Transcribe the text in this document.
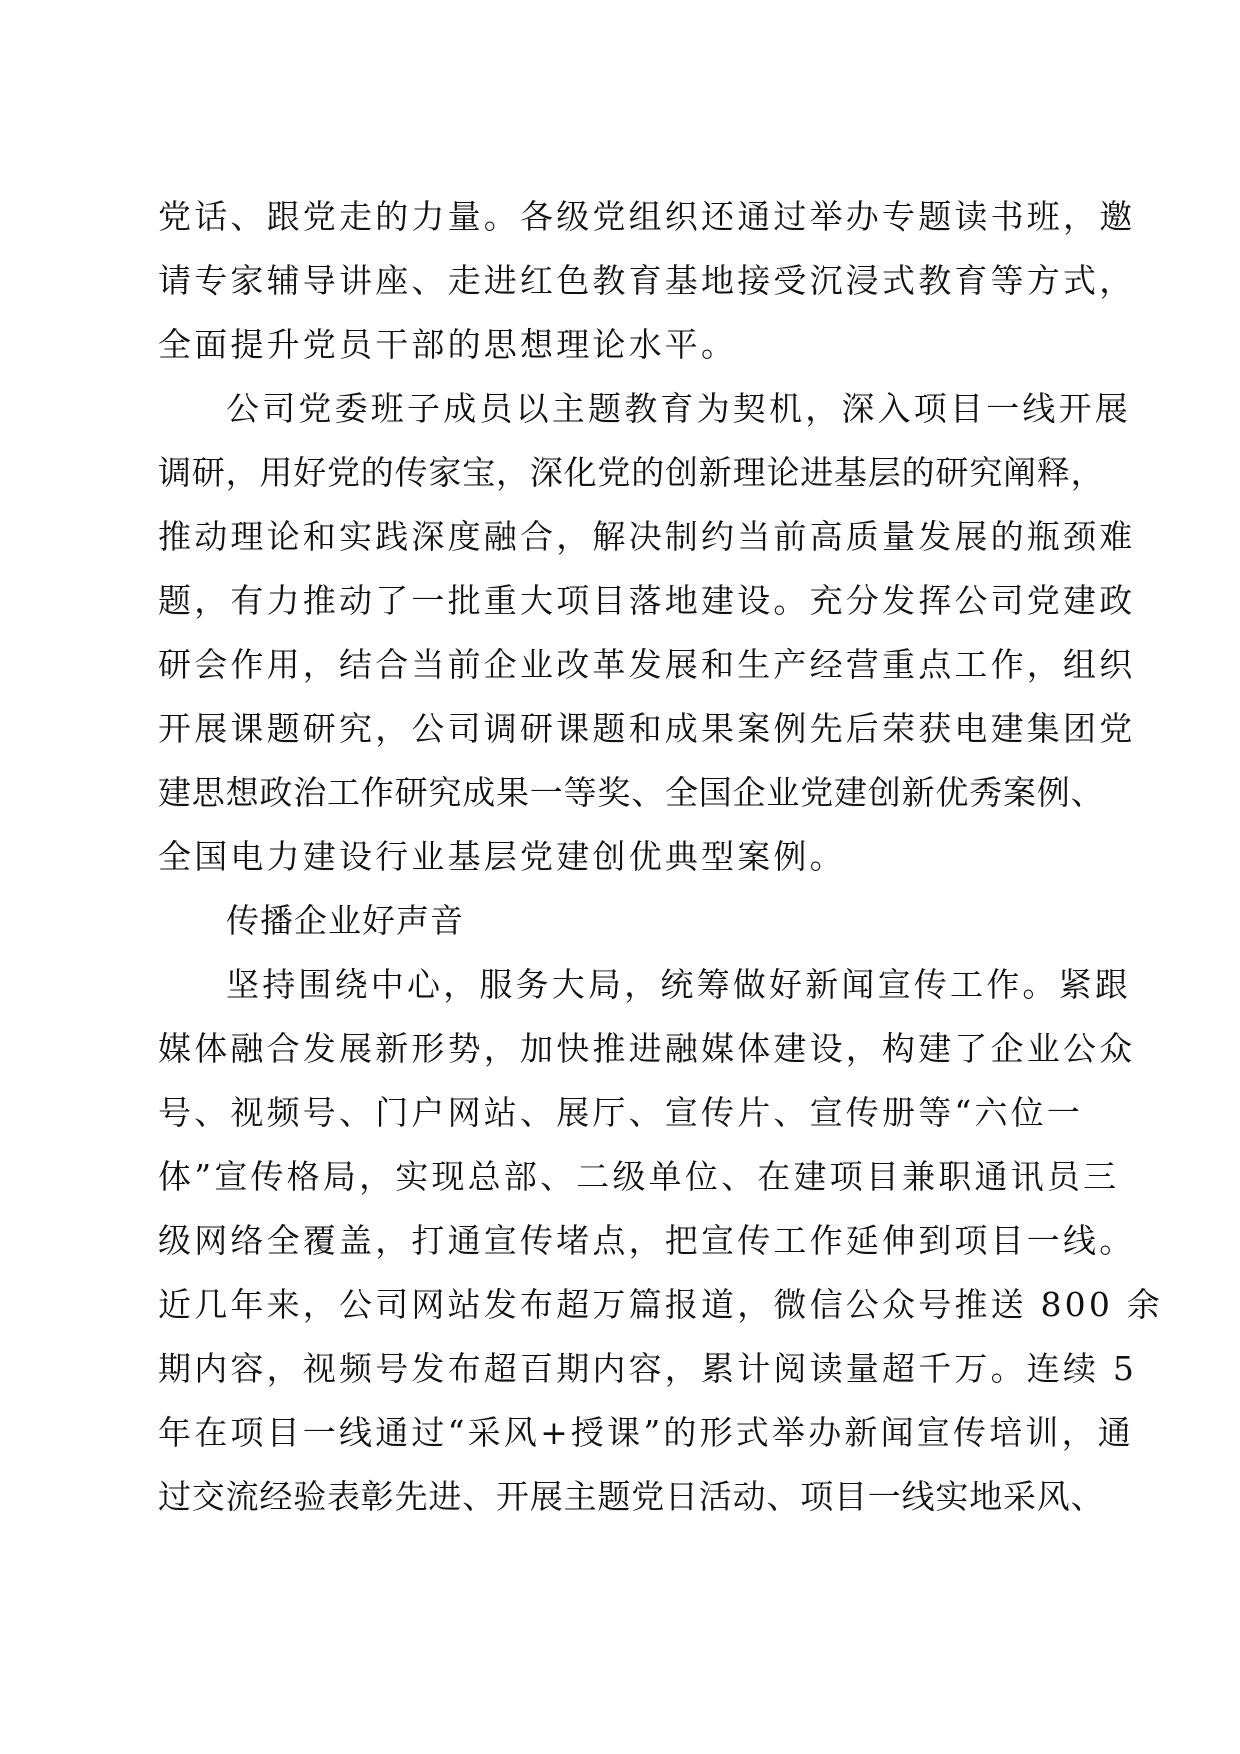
党话、跟党走的力量。各级党组织还通过举办专题读书班，邀
请专家辅导讲座、走进红色教育基地接受沉浸式教育等方式，
全面提升党员干部的思想理论水平。
公司党委班子成员以主题教育为契机，深入项目一线开展
调研，用好党的传家宝，深化党的创新理论进基层的研究阐释，
推动理论和实践深度融合，解决制约当前高质量发展的瓶颈难
题，有力推动了一批重大项目落地建设。充分发挥公司党建政
研会作用，结合当前企业改革发展和生产经营重点工作，组织
开展课题研究，公司调研课题和成果案例先后荣获电建集团党
建思想政治工作研究成果一等奖、全国企业党建创新优秀案例、
全国电力建设行业基层党建创优典型案例。
传播企业好声音
坚持围绕中心，服务大局，统筹做好新闻宣传工作。紧跟
媒体融合发展新形势，加快推进融媒体建设，构建了企业公众
号、视频号、门户网站、展厅、宣传片、宣传册等“六位一
体”宣传格局，实现总部、二级单位、在建项目兼职通讯员三
级网络全覆盖，打通宣传堵点，把宣传工作延伸到项目一线。
近几年来，公司网站发布超万篇报道，微信公众号推送 800 余
期内容，视频号发布超百期内容，累计阅读量超千万。连续 5
年在项目一线通过“采风+授课”的形式举办新闻宣传培训，通
过交流经验表彰先进、开展主题党日活动、项目一线实地采风、
